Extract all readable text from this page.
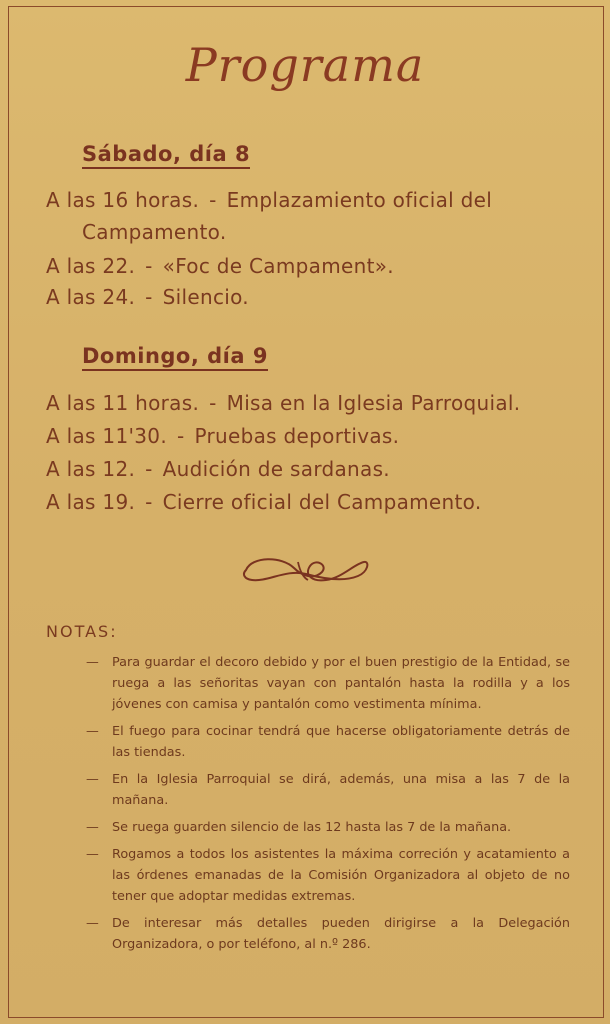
Programa
Sábado, día 8
A las 16 horas. - Emplazamiento oficial del
Campamento.
A las 22. - «Foc de Campament».
A las 24. - Silencio.
Domingo, día 9
A las 11 horas. - Misa en la Iglesia Parroquial.
A las 11'30. - Pruebas deportivas.
A las 12. - Audición de sardanas.
A las 19. - Cierre oficial del Campamento.
NOTAS:
— Para guardar el decoro debido y por el buen prestigio de la Entidad, se ruega a las señoritas vayan con pantalón hasta la rodilla y a los jóvenes con camisa y pantalón como vestimenta mínima.
— El fuego para cocinar tendrá que hacerse obligatoriamente detrás de las tiendas.
— En la Iglesia Parroquial se dirá, además, una misa a las 7 de la mañana.
— Se ruega guarden silencio de las 12 hasta las 7 de la mañana.
— Rogamos a todos los asistentes la máxima correción y acatamiento a las órdenes emanadas de la Comisión Organizadora al objeto de no tener que adoptar medidas extremas.
— De interesar más detalles pueden dirigirse a la Delegación Organizadora, o por teléfono, al n.º 286.
